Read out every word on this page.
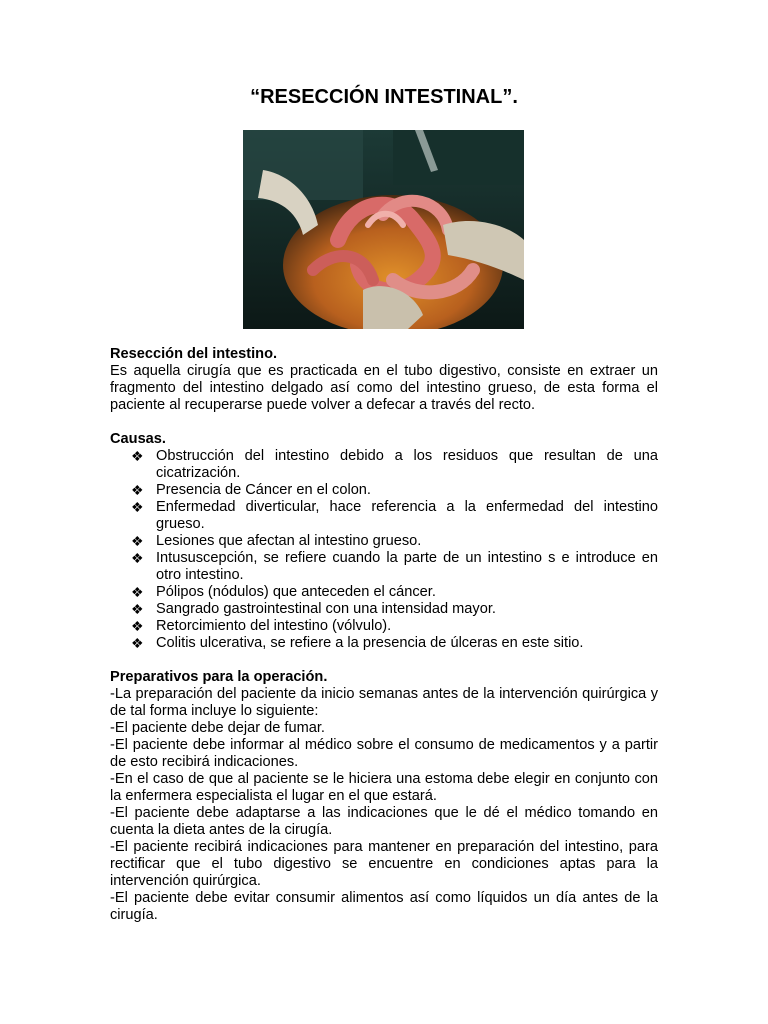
“RESECCIÓN INTESTINAL”.
Resección del intestino.
Es aquella cirugía que es practicada en el tubo digestivo, consiste en extraer un fragmento del intestino delgado así como del intestino grueso, de esta forma el paciente al recuperarse puede volver a defecar a través del recto.
Causas.
❖ Obstrucción del intestino debido a los residuos que resultan de una cicatrización.
❖ Presencia de Cáncer en el colon.
❖ Enfermedad diverticular, hace referencia a la enfermedad del intestino grueso.
❖ Lesiones que afectan al intestino grueso.
❖ Intususcepción, se refiere cuando la parte de un intestino s e introduce en otro intestino.
❖ Pólipos (nódulos) que anteceden el cáncer.
❖ Sangrado gastrointestinal con una intensidad mayor.
❖ Retorcimiento del intestino (vólvulo).
❖ Colitis ulcerativa, se refiere a la presencia de úlceras en este sitio.
Preparativos para la operación.
-La preparación del paciente da inicio semanas antes de la intervención quirúrgica y de tal forma incluye lo siguiente:
-El paciente debe dejar de fumar.
-El paciente debe informar al médico sobre el consumo de medicamentos y a partir de esto recibirá indicaciones.
-En el caso de que al paciente se le hiciera una estoma debe elegir en conjunto con la enfermera especialista el lugar en el que estará.
-El paciente debe adaptarse a las indicaciones que le dé el médico tomando en cuenta la dieta antes de la cirugía.
-El paciente recibirá indicaciones para mantener en preparación del intestino, para rectificar que el tubo digestivo se encuentre en condiciones aptas para la intervención quirúrgica.
-El paciente debe evitar consumir alimentos así como líquidos un día antes de la cirugía.
